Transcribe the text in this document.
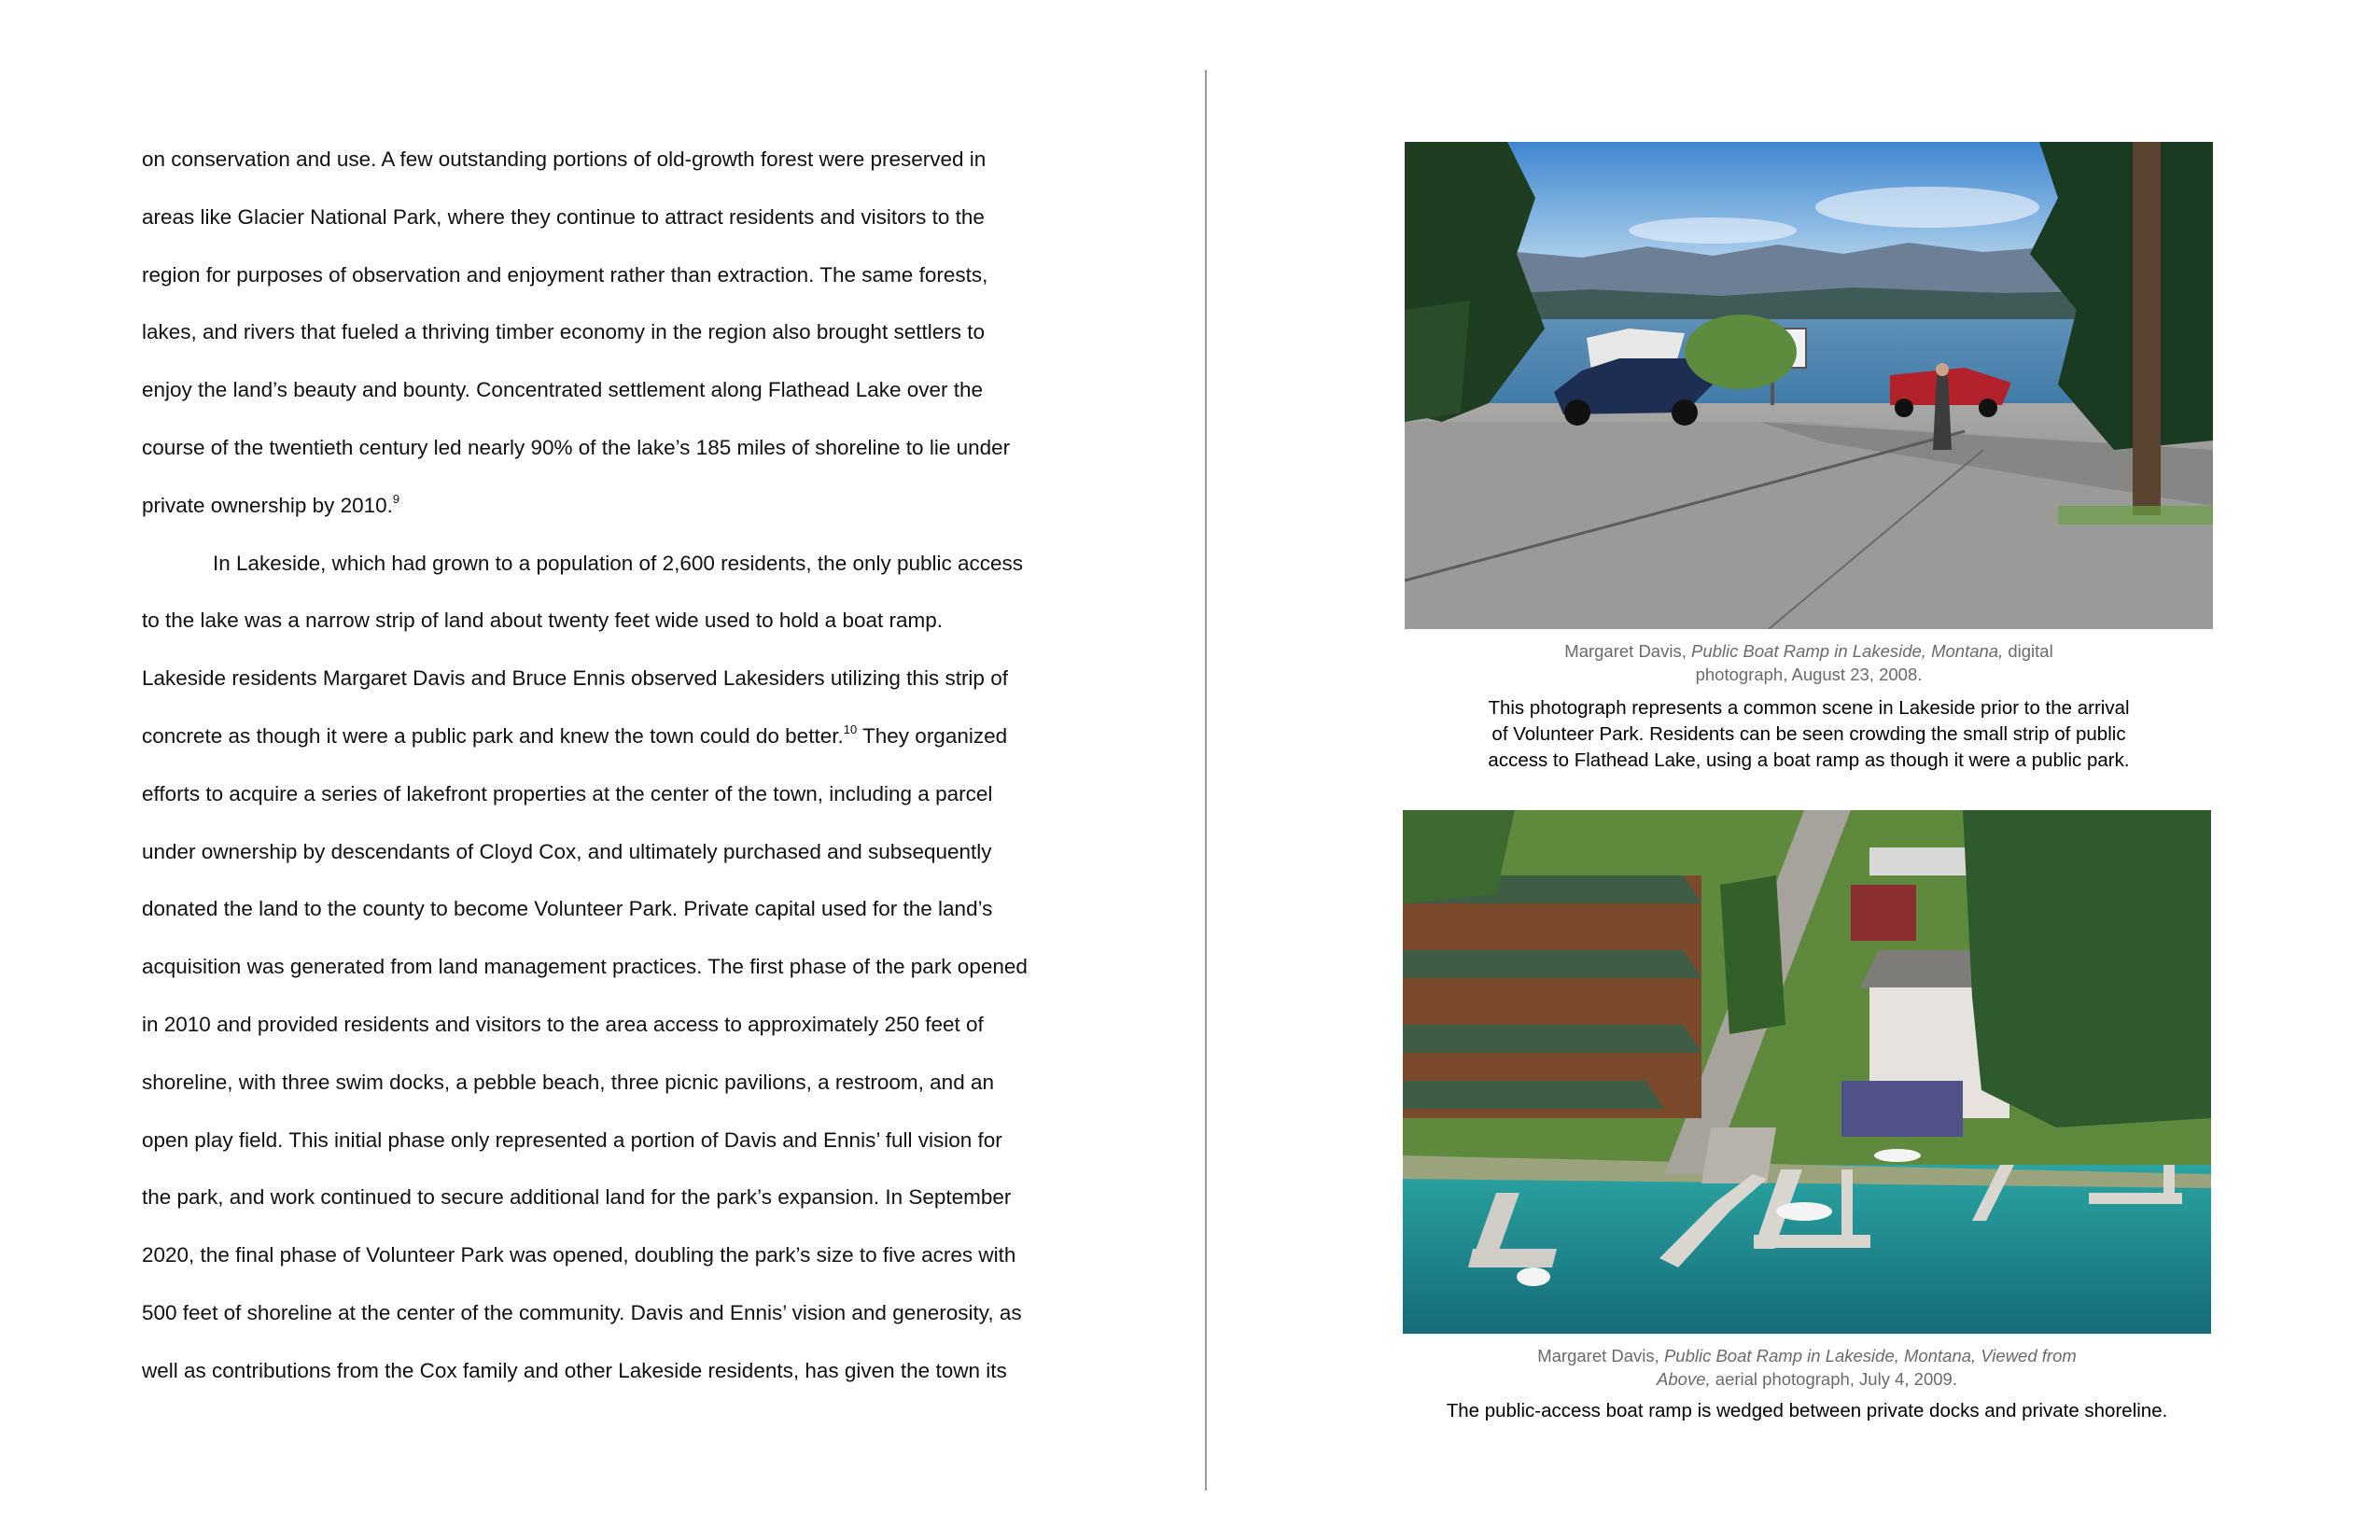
on conservation and use. A few outstanding portions of old-growth forest were preserved in
areas like Glacier National Park, where they continue to attract residents and visitors to the
region for purposes of observation and enjoyment rather than extraction. The same forests,
lakes, and rivers that fueled a thriving timber economy in the region also brought settlers to
enjoy the land’s beauty and bounty. Concentrated settlement along Flathead Lake over the
course of the twentieth century led nearly 90% of the lake’s 185 miles of shoreline to lie under
private ownership by 2010.$^9$
In Lakeside, which had grown to a population of 2,600 residents, the only public access
to the lake was a narrow strip of land about twenty feet wide used to hold a boat ramp.
Lakeside residents Margaret Davis and Bruce Ennis observed Lakesiders utilizing this strip of
concrete as though it were a public park and knew the town could do better.$^{10}$ They organized
efforts to acquire a series of lakefront properties at the center of the town, including a parcel
under ownership by descendants of Cloyd Cox, and ultimately purchased and subsequently
donated the land to the county to become Volunteer Park. Private capital used for the land’s
acquisition was generated from land management practices. The first phase of the park opened
in 2010 and provided residents and visitors to the area access to approximately 250 feet of
shoreline, with three swim docks, a pebble beach, three picnic pavilions, a restroom, and an
open play field. This initial phase only represented a portion of Davis and Ennis’ full vision for
the park, and work continued to secure additional land for the park’s expansion. In September
2020, the final phase of Volunteer Park was opened, doubling the park’s size to five acres with
500 feet of shoreline at the center of the community. Davis and Ennis’ vision and generosity, as
well as contributions from the Cox family and other Lakeside residents, has given the town its
Margaret Davis, Public Boat Ramp in Lakeside, Montana, digital
photograph, August 23, 2008.
This photograph represents a common scene in Lakeside prior to the arrival
of Volunteer Park. Residents can be seen crowding the small strip of public
access to Flathead Lake, using a boat ramp as though it were a public park.
Margaret Davis, Public Boat Ramp in Lakeside, Montana, Viewed from
Above, aerial photograph, July 4, 2009.
The public-access boat ramp is wedged between private docks and private shoreline.
